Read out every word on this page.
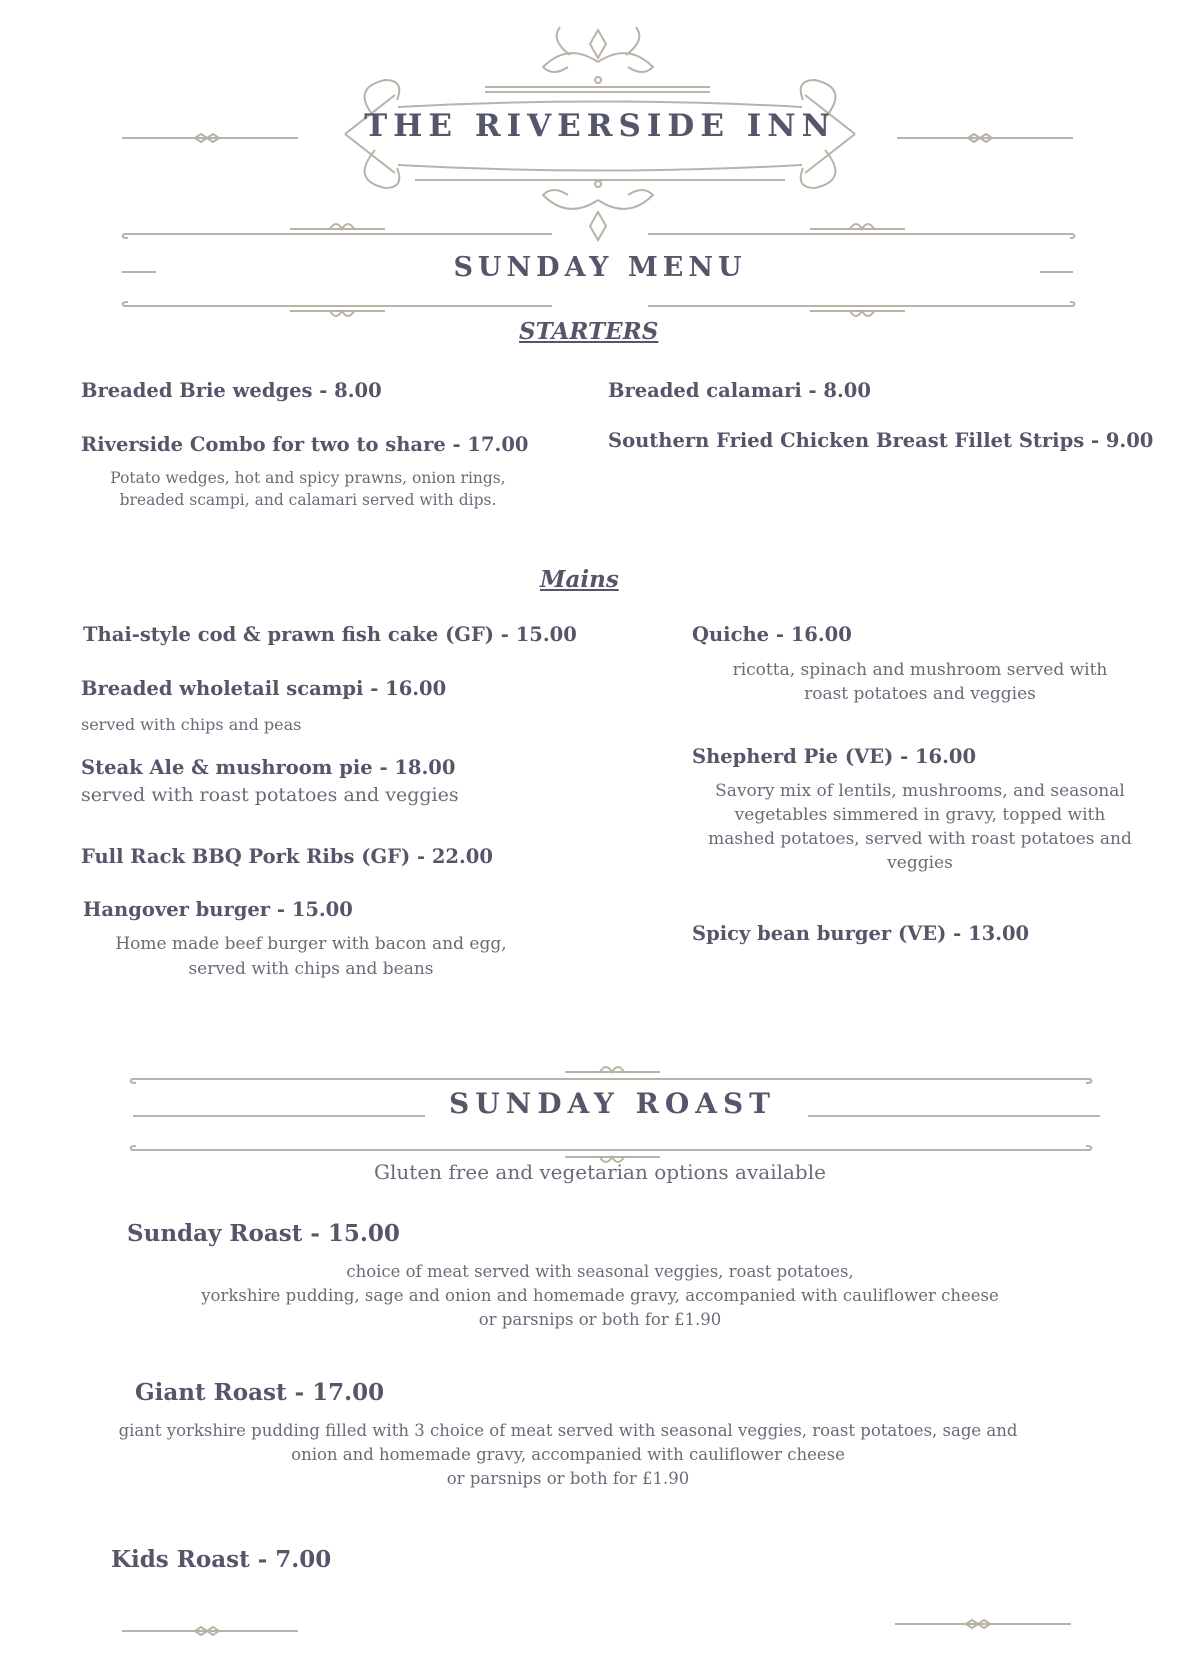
THE RIVERSIDE INN
SUNDAY MENU
STARTERS
Breaded Brie wedges - 8.00
Riverside Combo for two to share - 17.00
Potato wedges, hot and spicy prawns, onion rings, breaded scampi, and calamari served with dips.
Breaded calamari - 8.00
Southern Fried Chicken Breast Fillet Strips - 9.00
Mains
Thai-style cod & prawn fish cake (GF) - 15.00
Breaded wholetail scampi - 16.00
served with chips and peas
Steak Ale & mushroom pie - 18.00
served with roast potatoes and veggies
Full Rack BBQ Pork Ribs (GF) - 22.00
Hangover burger - 15.00
Home made beef burger with bacon and egg, served with chips and beans
Quiche - 16.00
ricotta, spinach and mushroom served with roast potatoes and veggies
Shepherd Pie (VE) - 16.00
Savory mix of lentils, mushrooms, and seasonal vegetables simmered in gravy, topped with mashed potatoes, served with roast potatoes and veggies
Spicy bean burger (VE) - 13.00
SUNDAY ROAST
Gluten free and vegetarian options available
Sunday Roast - 15.00
choice of meat served with seasonal veggies, roast potatoes,
yorkshire pudding, sage and onion and homemade gravy, accompanied with cauliflower cheese
or parsnips or both for £1.90
Giant Roast - 17.00
giant yorkshire pudding filled with 3 choice of meat served with seasonal veggies, roast potatoes, sage and
onion and homemade gravy, accompanied with cauliflower cheese
or parsnips or both for £1.90
Kids Roast - 7.00
